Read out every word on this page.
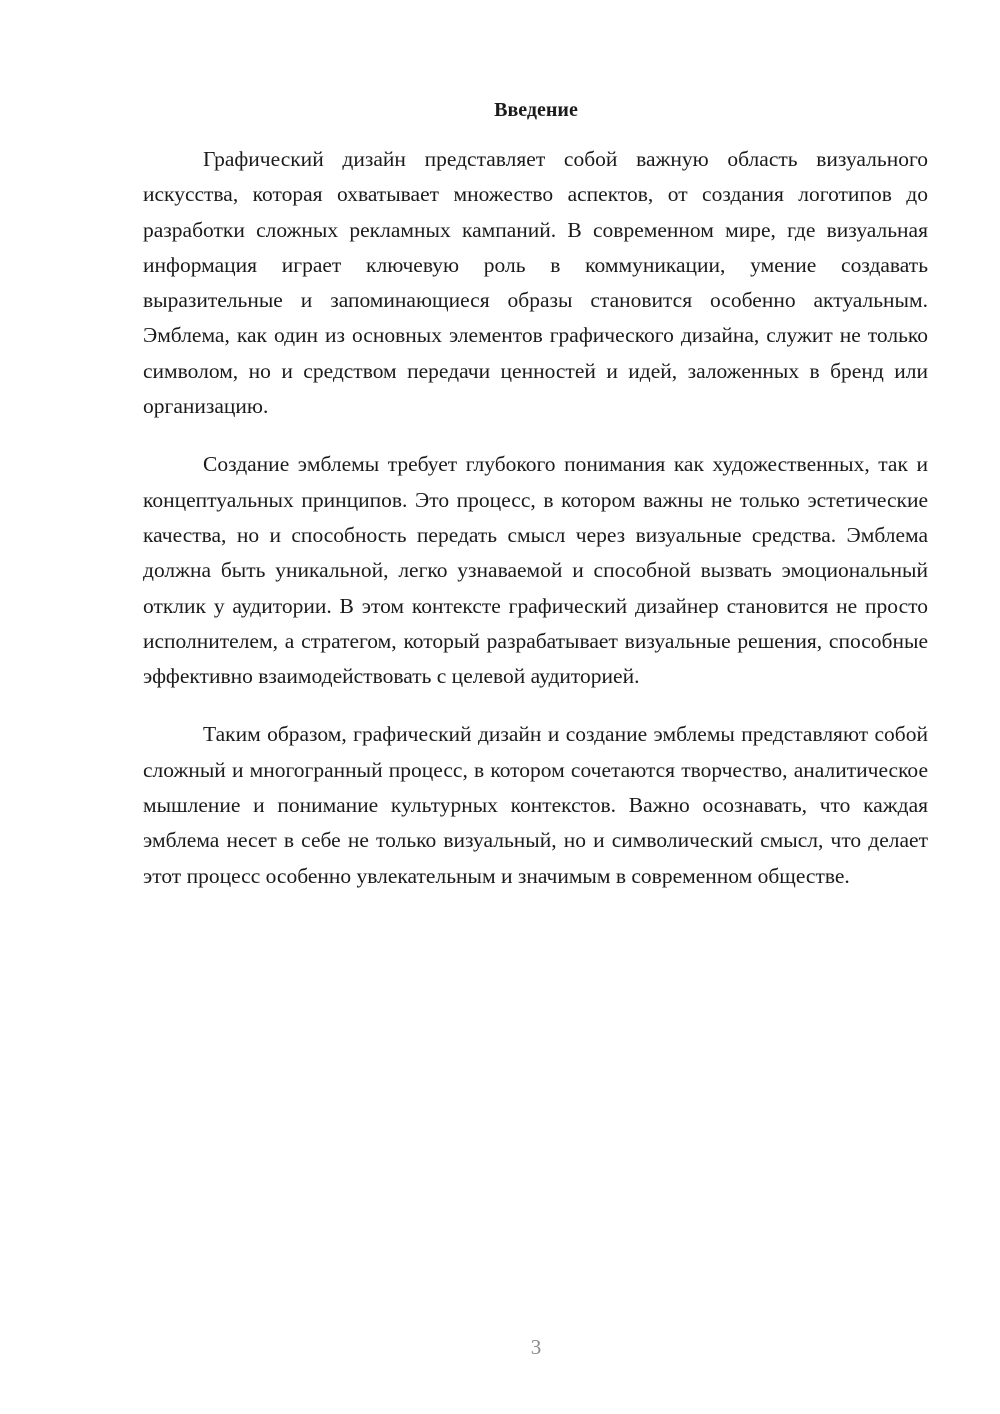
Введение

Графический дизайн представляет собой важную область визуального искусства, которая охватывает множество аспектов, от создания логотипов до разработки сложных рекламных кампаний. В современном мире, где визуальная информация играет ключевую роль в коммуникации, умение создавать выразительные и запоминающиеся образы становится особенно актуальным. Эмблема, как один из основных элементов графического дизайна, служит не только символом, но и средством передачи ценностей и идей, заложенных в бренд или организацию.

Создание эмблемы требует глубокого понимания как художественных, так и концептуальных принципов. Это процесс, в котором важны не только эстетические качества, но и способность передать смысл через визуальные средства. Эмблема должна быть уникальной, легко узнаваемой и способной вызвать эмоциональный отклик у аудитории. В этом контексте графический дизайнер становится не просто исполнителем, а стратегом, который разрабатывает визуальные решения, способные эффективно взаимодействовать с целевой аудиторией.

Таким образом, графический дизайн и создание эмблемы представляют собой сложный и многогранный процесс, в котором сочетаются творчество, аналитическое мышление и понимание культурных контекстов. Важно осознавать, что каждая эмблема несет в себе не только визуальный, но и символический смысл, что делает этот процесс особенно увлекательным и значимым в современном обществе.

3
